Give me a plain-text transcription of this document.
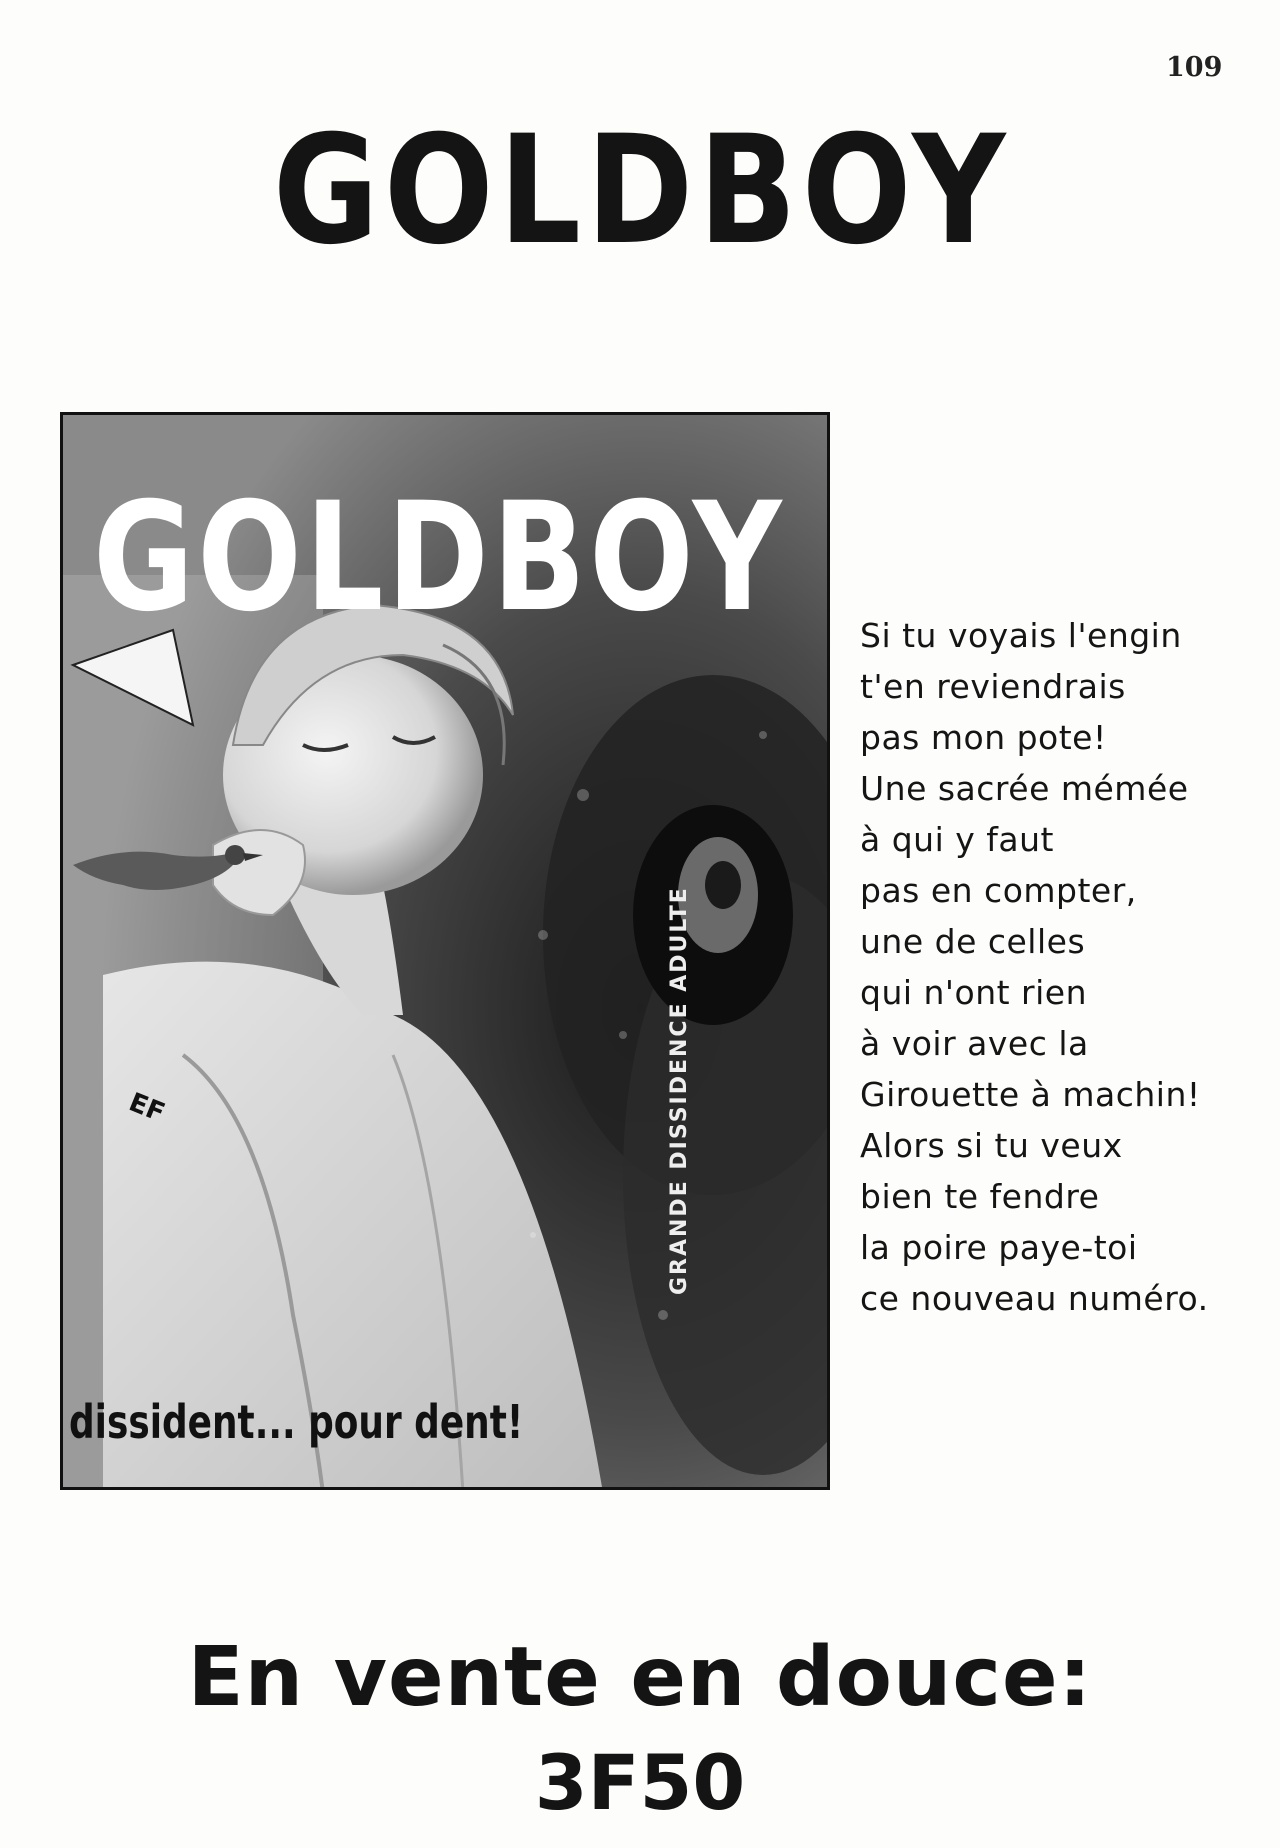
109
GOLDBOY
GOLDBOY
EF	GRANDE DISSIDENCE ADULTE
dissident... pour dent!
Si tu voyais l'engin
t'en reviendrais
pas mon pote!
Une sacrée mémée
à qui y faut
pas en compter,
une de celles
qui n'ont rien
à voir avec la
Girouette à machin!
Alors si tu veux
bien te fendre
la poire paye-toi
ce nouveau numéro.
En vente en douce:
3F50
